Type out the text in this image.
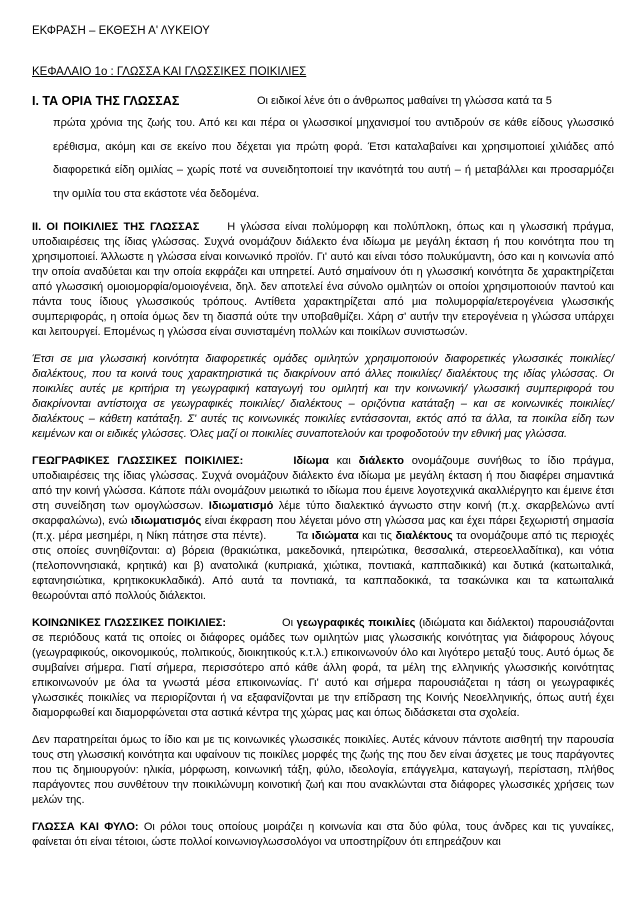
ΕΚΦΡΑΣΗ – ΕΚΘΕΣΗ Α' ΛΥΚΕΙΟΥ
ΚΕΦΑΛΑΙΟ 1ο : ΓΛΩΣΣΑ ΚΑΙ ΓΛΩΣΣΙΚΕΣ ΠΟΙΚΙΛΙΕΣ
Ι. ΤΑ ΟΡΙΑ ΤΗΣ ΓΛΩΣΣΑΣ	Οι ειδικοί λένε ότι ο άνθρωπος μαθαίνει τη γλώσσα κατά τα 5
πρώτα χρόνια της ζωής του. Από κει και πέρα οι γλωσσικοί μηχανισμοί του αντιδρούν σε κάθε είδους γλωσσικό ερέθισμα, ακόμη και σε εκείνο που δέχεται για πρώτη φορά. Έτσι καταλαβαίνει και χρησιμοποιεί χιλιάδες από διαφορετικά είδη ομιλίας – χωρίς ποτέ να συνειδητοποιεί την ικανότητά του αυτή – ή μεταβάλλει και προσαρμόζει την ομιλία του στα εκάστοτε νέα δεδομένα.

ΙΙ. ΟΙ ΠΟΙΚΙΛΙΕΣ ΤΗΣ ΓΛΩΣΣΑΣ	Η γλώσσα είναι πολύμορφη και πολύπλοκη, όπως και η γλωσσική πράγμα, υποδιαιρέσεις της ίδιας γλώσσας. Συχνά ονομάζουν διάλεκτο ένα ιδίωμα με μεγάλη έκταση ή που κοινότητα που τη χρησιμοποιεί. Άλλωστε η γλώσσα είναι κοινωνικό προϊόν. Γι' αυτό και είναι τόσο πολυκύμαντη, όσο και η κοινωνία από την οποία αναδύεται και την οποία εκφράζει και υπηρετεί. Αυτό σημαίνουν ότι η γλωσσική κοινότητα δε χαρακτηρίζεται από γλωσσική ομοιομορφία/ομοιογένεια, δηλ. δεν αποτελεί ένα σύνολο ομιλητών οι οποίοι χρησιμοποιούν παντού και πάντα τους ίδιους γλωσσικούς τρόπους. Αντίθετα χαρακτηρίζεται από μια πολυμορφία/ετερογένεια γλωσσικής συμπεριφοράς, η οποία όμως δεν τη διασπά ούτε την υποβαθμίζει. Χάρη σ' αυτήν την ετερογένεια η γλώσσα υπάρχει και λειτουργεί. Επομένως η γλώσσα είναι συνισταμένη πολλών και ποικίλων συνιστωσών.

Έτσι σε μια γλωσσική κοινότητα διαφορετικές ομάδες ομιλητών χρησιμοποιούν διαφορετικές γλωσσικές ποικιλίες/ διαλέκτους, που τα κοινά τους χαρακτηριστικά τις διακρίνουν από άλλες ποικιλίες/ διαλέκτους της ιδίας γλώσσας. Οι ποικιλίες αυτές με κριτήρια τη γεωγραφική καταγωγή του ομιλητή και την κοινωνική/ γλωσσική συμπεριφορά του διακρίνονται αντίστοιχα σε γεωγραφικές ποικιλίες/ διαλέκτους – οριζόντια κατάταξη – και σε κοινωνικές ποικιλίες/ διαλέκτους – κάθετη κατάταξη. Σ' αυτές τις κοινωνικές ποικιλίες εντάσσονται, εκτός από τα άλλα, τα ποικίλα είδη των κειμένων και οι ειδικές γλώσσες. Όλες μαζί οι ποικιλίες συναποτελούν και τροφοδοτούν την εθνική μας γλώσσα.

ΓΕΩΓΡΑΦΙΚΕΣ ΓΛΩΣΣΙΚΕΣ ΠΟΙΚΙΛΙΕΣ:	Ιδίωμα και διάλεκτο ονομάζουμε συνήθως το ίδιο πράγμα, υποδιαιρέσεις της ίδιας γλώσσας. Συχνά ονομάζουν διάλεκτο ένα ιδίωμα με μεγάλη έκταση ή που διαφέρει σημαντικά από την κοινή γλώσσα. Κάποτε πάλι ονομάζουν μειωτικά το ιδίωμα που έμεινε λογοτεχνικά ακαλλιέργητο και έμεινε έτσι στη συνείδηση των ομογλώσσων. Ιδιωματισμό λέμε τύπο διαλεκτικό άγνωστο στην κοινή (π.χ. σκαρβελώνω αντί σκαρφαλώνω), ενώ ιδιωματισμός είναι έκφραση που λέγεται μόνο στη γλώσσα μας και έχει πάρει ξεχωριστή σημασία (π.χ. μέρα μεσημέρι, η Νίκη πάτησε στα πέντε).	Τα ιδιώματα και τις διαλέκτους τα ονομάζουμε από τις περιοχές στις οποίες συνηθίζονται: α) βόρεια (θρακιώτικα, μακεδονικά, ηπειρώτικα, θεσσαλικά, στερεοελλαδίτικα), και νότια (πελοποννησιακά, κρητικά) και β) ανατολικά (κυπριακά, χιώτικα, ποντιακά, καππαδικικά) και δυτικά (κατωιταλικά, εφτανησιώτικα, κρητικοκυκλαδικά). Από αυτά τα ποντιακά, τα καππαδοκικά, τα τσακώνικα και τα κατωιταλικά θεωρούνται από πολλούς διάλεκτοι.

ΚΟΙΝΩΝΙΚΕΣ ΓΛΩΣΣΙΚΕΣ ΠΟΙΚΙΛΙΕΣ:	Οι γεωγραφικές ποικιλίες (ιδιώματα και διάλεκτοι) παρουσιάζονται σε περιόδους κατά τις οποίες οι διάφορες ομάδες των ομιλητών μιας γλωσσικής κοινότητας για διάφορους λόγους (γεωγραφικούς, οικονομικούς, πολιτικούς, διοικητικούς κ.τ.λ.) επικοινωνούν όλο και λιγότερο μεταξύ τους. Αυτό όμως δε συμβαίνει σήμερα. Γιατί σήμερα, περισσότερο από κάθε άλλη φορά, τα μέλη της ελληνικής γλωσσικής κοινότητας επικοινωνούν με όλα τα γνωστά μέσα επικοινωνίας. Γι' αυτό και σήμερα παρουσιάζεται η τάση οι γεωγραφικές γλωσσικές ποικιλίες να περιορίζονται ή να εξαφανίζονται με την επίδραση της Κοινής Νεοελληνικής, όπως αυτή έχει διαμορφωθεί και διαμορφώνεται στα αστικά κέντρα της χώρας μας και όπως διδάσκεται στα σχολεία.

Δεν παρατηρείται όμως το ίδιο και με τις κοινωνικές γλωσσικές ποικιλίες. Αυτές κάνουν πάντοτε αισθητή την παρουσία τους στη γλωσσική κοινότητα και υφαίνουν τις ποικίλες μορφές της ζωής της που δεν είναι άσχετες με τους παράγοντες που τις δημιουργούν: ηλικία, μόρφωση, κοινωνική τάξη, φύλο, ιδεολογία, επάγγελμα, καταγωγή, περίσταση, πλήθος παράγοντες που συνθέτουν την ποικιλώνυμη κοινοτική ζωή και που ανακλώνται στα διάφορες γλωσσικές χρήσεις των μελών της.

ΓΛΩΣΣΑ ΚΑΙ ΦΥΛΟ: Οι ρόλοι τους οποίους μοιράζει η κοινωνία και στα δύο φύλα, τους άνδρες και τις γυναίκες, φαίνεται ότι είναι τέτοιοι, ώστε πολλοί κοινωνιογλωσσολόγοι να υποστηρίζουν ότι επηρεάζουν και
